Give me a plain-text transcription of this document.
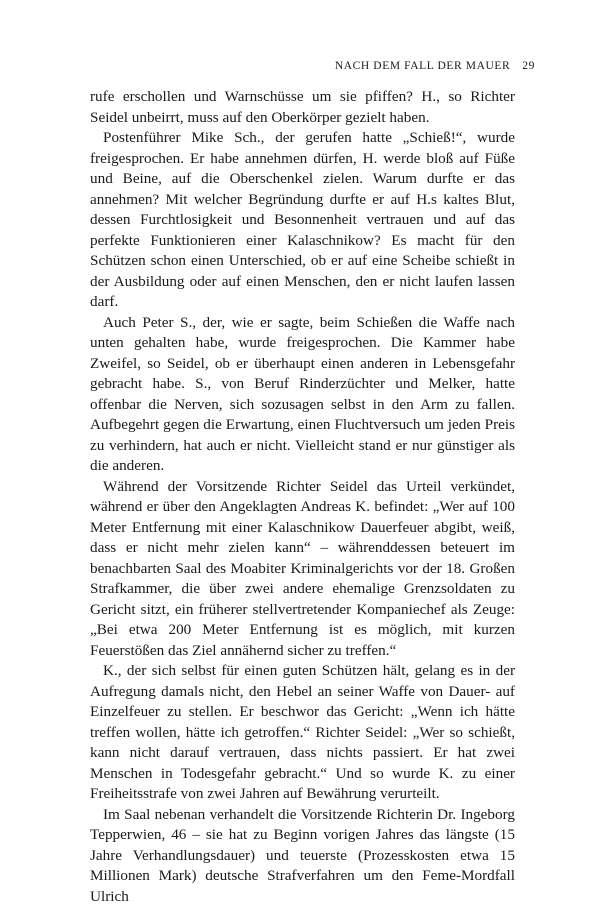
NACH DEM FALL DER MAUER 29

rufe erschollen und Warnschüsse um sie pfiffen? H., so Richter Seidel unbeirrt, muss auf den Oberkörper gezielt haben.

Postenführer Mike Sch., der gerufen hatte „Schieß!“, wurde freigesprochen. Er habe annehmen dürfen, H. werde bloß auf Füße und Beine, auf die Oberschenkel zielen. Warum durfte er das annehmen? Mit welcher Begründung durfte er auf H.s kaltes Blut, dessen Furchtlosigkeit und Besonnenheit vertrauen und auf das perfekte Funktionieren einer Kalaschnikow? Es macht für den Schützen schon einen Unterschied, ob er auf eine Scheibe schießt in der Ausbildung oder auf einen Menschen, den er nicht laufen lassen darf.

Auch Peter S., der, wie er sagte, beim Schießen die Waffe nach unten gehalten habe, wurde freigesprochen. Die Kammer habe Zweifel, so Seidel, ob er überhaupt einen anderen in Lebensgefahr gebracht habe. S., von Beruf Rinderzüchter und Melker, hatte offenbar die Nerven, sich sozusagen selbst in den Arm zu fallen. Aufbegehrt gegen die Erwartung, einen Fluchtversuch um jeden Preis zu verhindern, hat auch er nicht. Vielleicht stand er nur günstiger als die anderen.

Während der Vorsitzende Richter Seidel das Urteil verkündet, während er über den Angeklagten Andreas K. befindet: „Wer auf 100 Meter Entfernung mit einer Kalaschnikow Dauerfeuer abgibt, weiß, dass er nicht mehr zielen kann“ – währenddessen beteuert im benachbarten Saal des Moabiter Kriminalgerichts vor der 18. Großen Strafkammer, die über zwei andere ehemalige Grenzsoldaten zu Gericht sitzt, ein früherer stellvertretender Kompaniechef als Zeuge: „Bei etwa 200 Meter Entfernung ist es möglich, mit kurzen Feuerstößen das Ziel annähernd sicher zu treffen.“

K., der sich selbst für einen guten Schützen hält, gelang es in der Aufregung damals nicht, den Hebel an seiner Waffe von Dauer- auf Einzelfeuer zu stellen. Er beschwor das Gericht: „Wenn ich hätte treffen wollen, hätte ich getroffen.“ Richter Seidel: „Wer so schießt, kann nicht darauf vertrauen, dass nichts passiert. Er hat zwei Menschen in Todesgefahr gebracht.“ Und so wurde K. zu einer Freiheitsstrafe von zwei Jahren auf Bewährung verurteilt.

Im Saal nebenan verhandelt die Vorsitzende Richterin Dr. Ingeborg Tepperwien, 46 – sie hat zu Beginn vorigen Jahres das längste (15 Jahre Verhandlungsdauer) und teuerste (Prozesskosten etwa 15 Millionen Mark) deutsche Strafverfahren um den Feme-Mordfall Ulrich
